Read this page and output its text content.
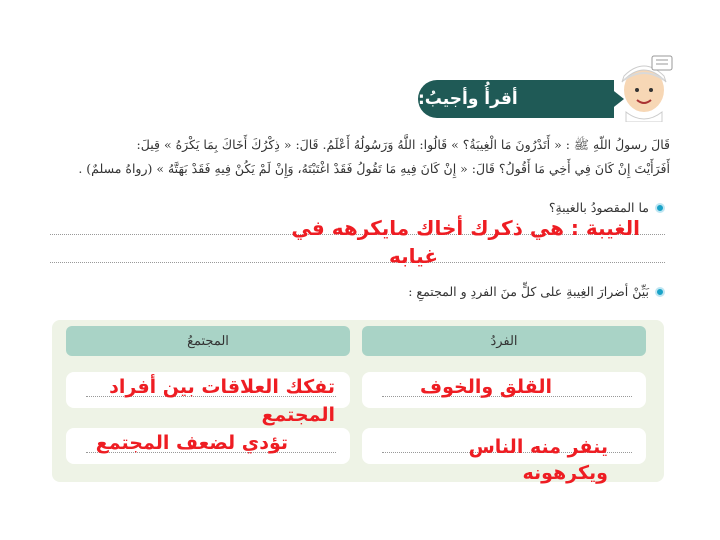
أقرأُ وأجيبُ:
قَالَ رسولُ اللّهِ ﷺ : « أَتَدْرُونَ مَا الْغِيبَةُ؟ » قَالُوا: اللَّهُ وَرَسُولُهُ أَعْلَمُ. قَالَ: « ذِكْرُكَ أَخَاكَ بِمَا يَكْرَهُ » قِيلَ:
أَفَرَأَيْتَ إِنْ كَانَ فِي أَخِي مَا أَقُولُ؟ قَالَ: « إِنْ كَانَ فِيهِ مَا تَقُولُ فَقَدْ اغْتَبْتَهُ، وَإِنْ لَمْ يَكُنْ فِيهِ فَقَدْ بَهَتَّهُ » (رواهُ مسلمٌ) .
ما المقصودُ بالغيبةِ؟
الغيبة : هي ذكرك أخاك مايكرهه في
غيابه
بَيِّنْ أضرارَ الغِيبةِ على كلٍّ منَ الفردِ و المجتمعِ :
الفردُ
المجتمعُ
القلق والخوف
تفكك العلاقات بين أفراد
المجتمع
ينفر منه الناس
ويكرهونه
تؤدي لضعف المجتمع
